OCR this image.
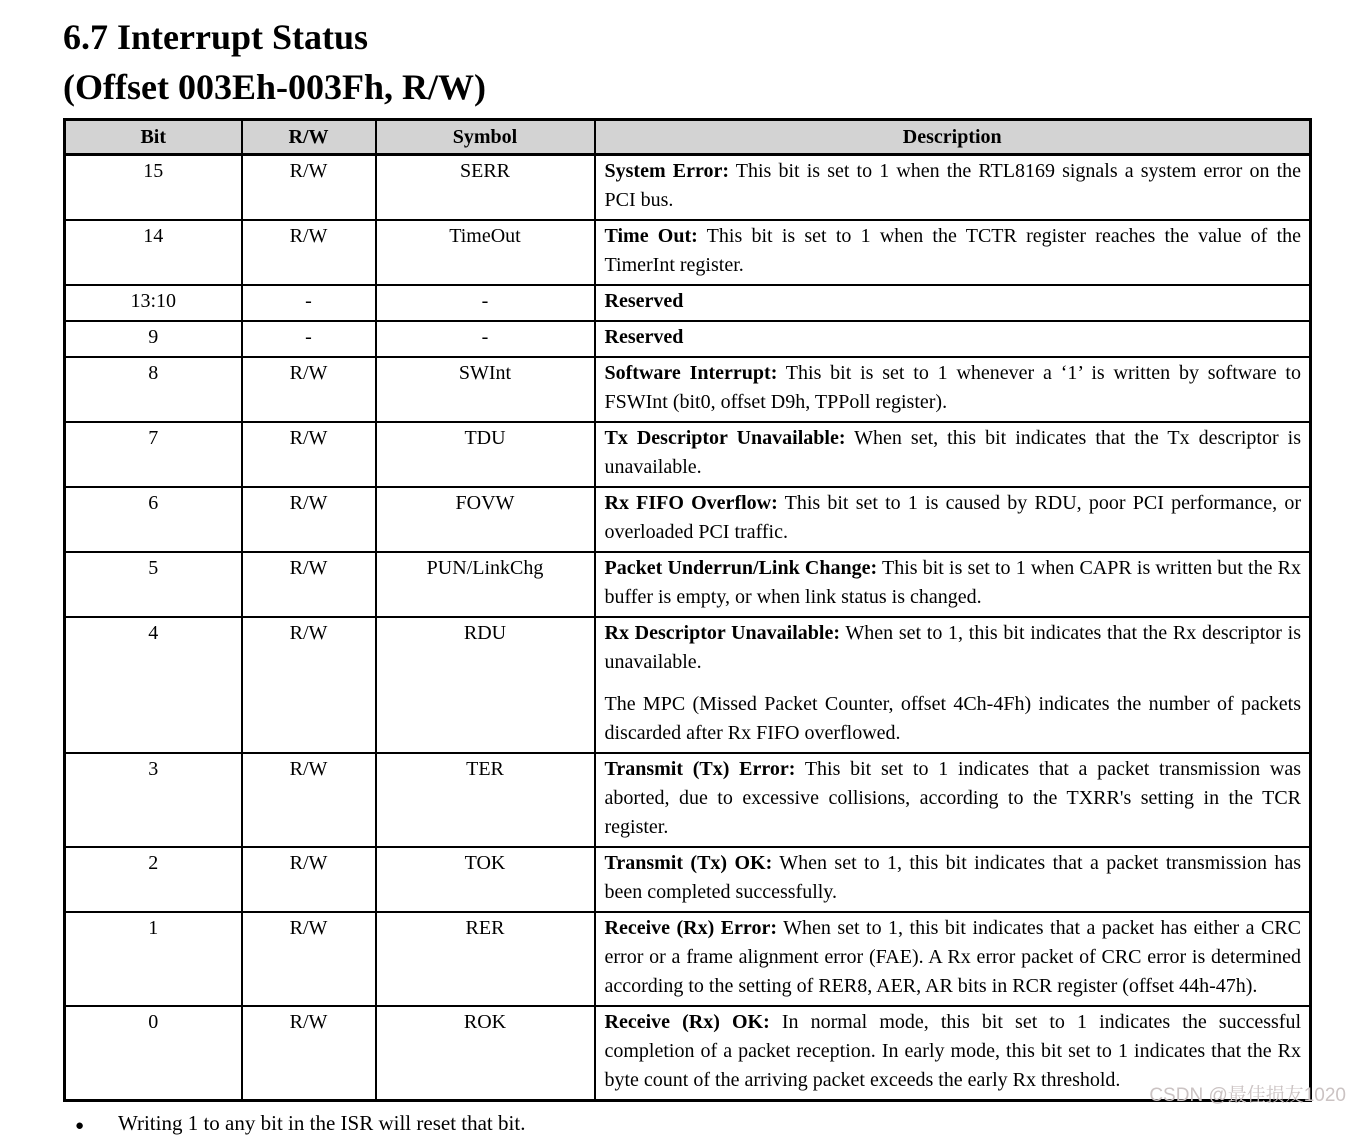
6.7 Interrupt Status
(Offset 003Eh-003Fh, R/W)
Bit	R/W	Symbol	Description
15	R/W	SERR	System Error: This bit is set to 1 when the RTL8169 signals a system error on the PCI bus.

14	R/W	TimeOut	Time Out: This bit is set to 1 when the TCTR register reaches the value of the TimerInt register.

13:10	-	-	Reserved

9	-	-	Reserved

8	R/W	SWInt	Software Interrupt: This bit is set to 1 whenever a ‘1’ is written by software to FSWInt (bit0, offset D9h, TPPoll register).

7	R/W	TDU	Tx Descriptor Unavailable: When set, this bit indicates that the Tx descriptor is unavailable.

6	R/W	FOVW	Rx FIFO Overflow: This bit set to 1 is caused by RDU, poor PCI performance, or overloaded PCI traffic.

5	R/W	PUN/LinkChg	Packet Underrun/Link Change: This bit is set to 1 when CAPR is written but the Rx buffer is empty, or when link status is changed.

4	R/W	RDU	Rx Descriptor Unavailable: When set to 1, this bit indicates that the Rx descriptor is unavailable.

The MPC (Missed Packet Counter, offset 4Ch-4Fh) indicates the number of packets discarded after Rx FIFO overflowed.

3	R/W	TER	Transmit (Tx) Error: This bit set to 1 indicates that a packet transmission was aborted, due to excessive collisions, according to the TXRR's setting in the TCR register.

2	R/W	TOK	Transmit (Tx) OK: When set to 1, this bit indicates that a packet transmission has been completed successfully.

1	R/W	RER	Receive (Rx) Error: When set to 1, this bit indicates that a packet has either a CRC error or a frame alignment error (FAE). A Rx error packet of CRC error is determined according to the setting of RER8, AER, AR bits in RCR register (offset 44h-47h).

0	R/W	ROK	Receive (Rx) OK: In normal mode, this bit set to 1 indicates the successful completion of a packet reception. In early mode, this bit set to 1 indicates that the Rx byte count of the arriving packet exceeds the early Rx threshold.

●	Writing 1 to any bit in the ISR will reset that bit.
CSDN @最佳损友1020
